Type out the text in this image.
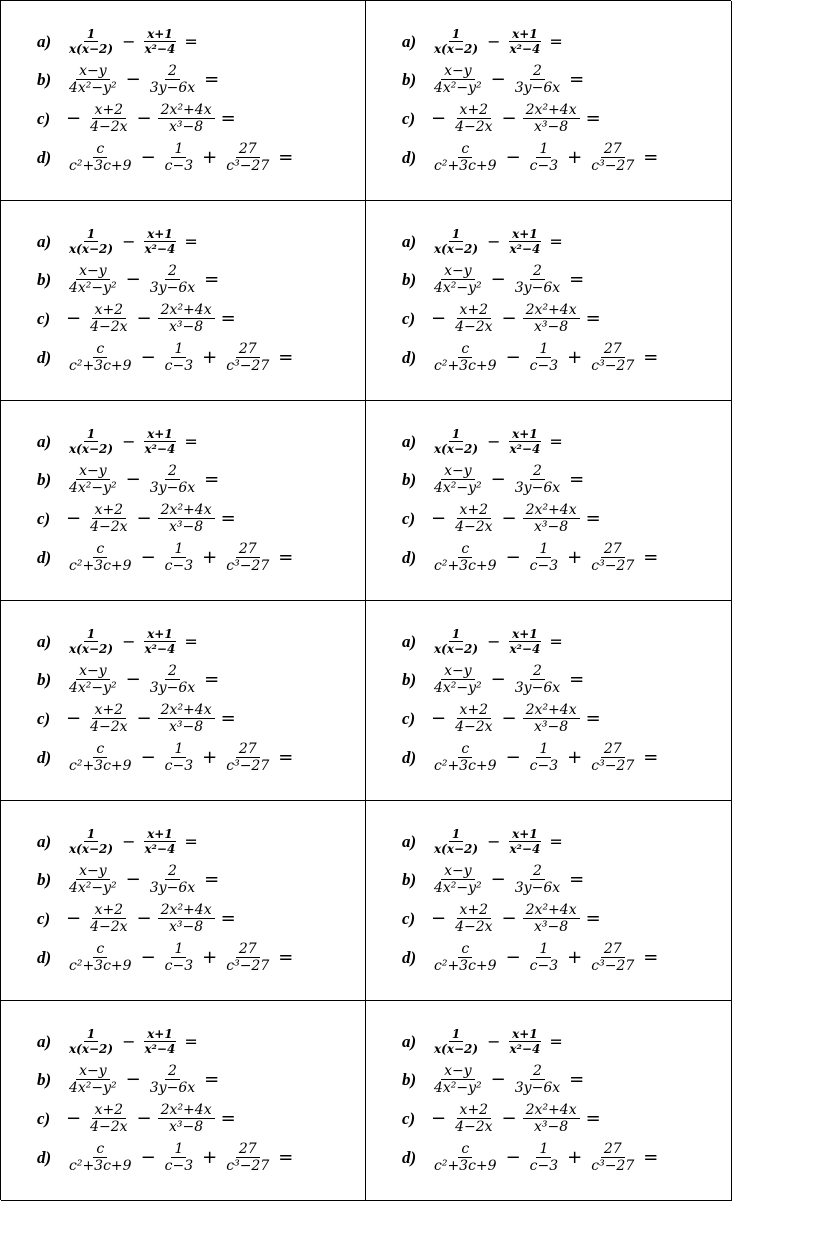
a)	$\frac{1}{x(x-2)} - \frac{x+1}{\text{x²−4}}$ =
b)	$\frac{x-y}{\text{4x²−y²}} - \frac{2}{3y-6x}$ =
$c) - \frac{x+2}{4-2x} - \frac{\text{2x²+4x}}{\text{x³−8}}$ =
d)	$\frac{c}{\text{c²+3c+9}} - \frac{1}{c-3} + \frac{27}{\text{c³−27}}$ =
a)	$\frac{1}{x(x-2)} - \frac{x+1}{\text{x²−4}}$ =
b)	$\frac{x-y}{\text{4x²−y²}} - \frac{2}{3y-6x}$ =
$c) - \frac{x+2}{4-2x} - \frac{\text{2x²+4x}}{\text{x³−8}}$ =
d)	$\frac{c}{\text{c²+3c+9}} - \frac{1}{c-3} + \frac{27}{\text{c³−27}}$ =
a)	$\frac{1}{x(x-2)} - \frac{x+1}{\text{x²−4}}$ =
b)	$\frac{x-y}{\text{4x²−y²}} - \frac{2}{3y-6x}$ =
$c) - \frac{x+2}{4-2x} - \frac{\text{2x²+4x}}{\text{x³−8}}$ =
d)	$\frac{c}{\text{c²+3c+9}} - \frac{1}{c-3} + \frac{27}{\text{c³−27}}$ =
a)	$\frac{1}{x(x-2)} - \frac{x+1}{\text{x²−4}}$ =
b)	$\frac{x-y}{\text{4x²−y²}} - \frac{2}{3y-6x}$ =
$c) - \frac{x+2}{4-2x} - \frac{\text{2x²+4x}}{\text{x³−8}}$ =
d)	$\frac{c}{\text{c²+3c+9}} - \frac{1}{c-3} + \frac{27}{\text{c³−27}}$ =
a)	$\frac{1}{x(x-2)} - \frac{x+1}{\text{x²−4}}$ =
b)	$\frac{x-y}{\text{4x²−y²}} - \frac{2}{3y-6x}$ =
$c) - \frac{x+2}{4-2x} - \frac{\text{2x²+4x}}{\text{x³−8}}$ =
d)	$\frac{c}{\text{c²+3c+9}} - \frac{1}{c-3} + \frac{27}{\text{c³−27}}$ =
a)	$\frac{1}{x(x-2)} - \frac{x+1}{\text{x²−4}}$ =
b)	$\frac{x-y}{\text{4x²−y²}} - \frac{2}{3y-6x}$ =
$c) - \frac{x+2}{4-2x} - \frac{\text{2x²+4x}}{\text{x³−8}}$ =
d)	$\frac{c}{\text{c²+3c+9}} - \frac{1}{c-3} + \frac{27}{\text{c³−27}}$ =
a)	$\frac{1}{x(x-2)} - \frac{x+1}{\text{x²−4}}$ =
b)	$\frac{x-y}{\text{4x²−y²}} - \frac{2}{3y-6x}$ =
$c) - \frac{x+2}{4-2x} - \frac{\text{2x²+4x}}{\text{x³−8}}$ =
d)	$\frac{c}{\text{c²+3c+9}} - \frac{1}{c-3} + \frac{27}{\text{c³−27}}$ =
a)	$\frac{1}{x(x-2)} - \frac{x+1}{\text{x²−4}}$ =
b)	$\frac{x-y}{\text{4x²−y²}} - \frac{2}{3y-6x}$ =
$c) - \frac{x+2}{4-2x} - \frac{\text{2x²+4x}}{\text{x³−8}}$ =
d)	$\frac{c}{\text{c²+3c+9}} - \frac{1}{c-3} + \frac{27}{\text{c³−27}}$ =
a)	$\frac{1}{x(x-2)} - \frac{x+1}{\text{x²−4}}$ =
b)	$\frac{x-y}{\text{4x²−y²}} - \frac{2}{3y-6x}$ =
$c) - \frac{x+2}{4-2x} - \frac{\text{2x²+4x}}{\text{x³−8}}$ =
d)	$\frac{c}{\text{c²+3c+9}} - \frac{1}{c-3} + \frac{27}{\text{c³−27}}$ =
a)	$\frac{1}{x(x-2)} - \frac{x+1}{\text{x²−4}}$ =
b)	$\frac{x-y}{\text{4x²−y²}} - \frac{2}{3y-6x}$ =
$c) - \frac{x+2}{4-2x} - \frac{\text{2x²+4x}}{\text{x³−8}}$ =
d)	$\frac{c}{\text{c²+3c+9}} - \frac{1}{c-3} + \frac{27}{\text{c³−27}}$ =
a)	$\frac{1}{x(x-2)} - \frac{x+1}{\text{x²−4}}$ =
b)	$\frac{x-y}{\text{4x²−y²}} - \frac{2}{3y-6x}$ =
$c) - \frac{x+2}{4-2x} - \frac{\text{2x²+4x}}{\text{x³−8}}$ =
d)	$\frac{c}{\text{c²+3c+9}} - \frac{1}{c-3} + \frac{27}{\text{c³−27}}$ =
a)	$\frac{1}{x(x-2)} - \frac{x+1}{\text{x²−4}}$ =
b)	$\frac{x-y}{\text{4x²−y²}} - \frac{2}{3y-6x}$ =
$c) - \frac{x+2}{4-2x} - \frac{\text{2x²+4x}}{\text{x³−8}}$ =
d)	$\frac{c}{\text{c²+3c+9}} - \frac{1}{c-3} + \frac{27}{\text{c³−27}}$ =
